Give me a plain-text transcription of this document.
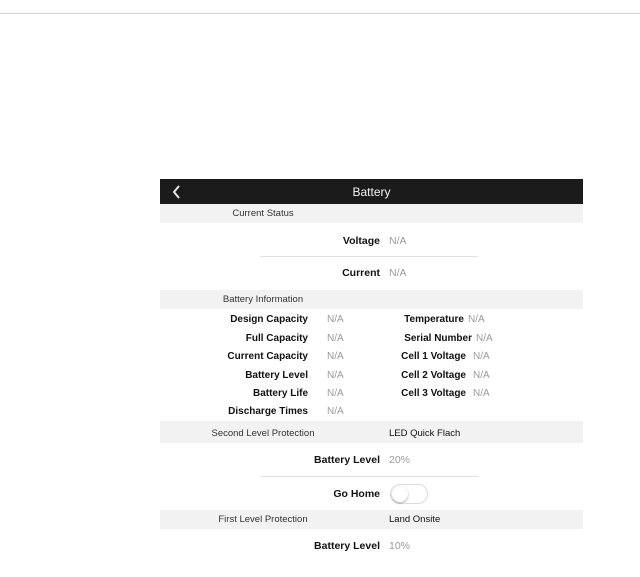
Battery
Current Status
Voltage N/A
Current N/A
Battery Information
Design Capacity N/A
Full Capacity N/A
Current Capacity N/A
Battery Level N/A
Battery Life N/A
Discharge Times N/A
Temperature N/A
Serial Number N/A
Cell 1 Voltage N/A
Cell 2 Voltage N/A
Cell 3 Voltage N/A
Second Level Protection	LED Quick Flach
Battery Level 20%
Go Home
First Level Protection	Land Onsite
Battery Level 10%
